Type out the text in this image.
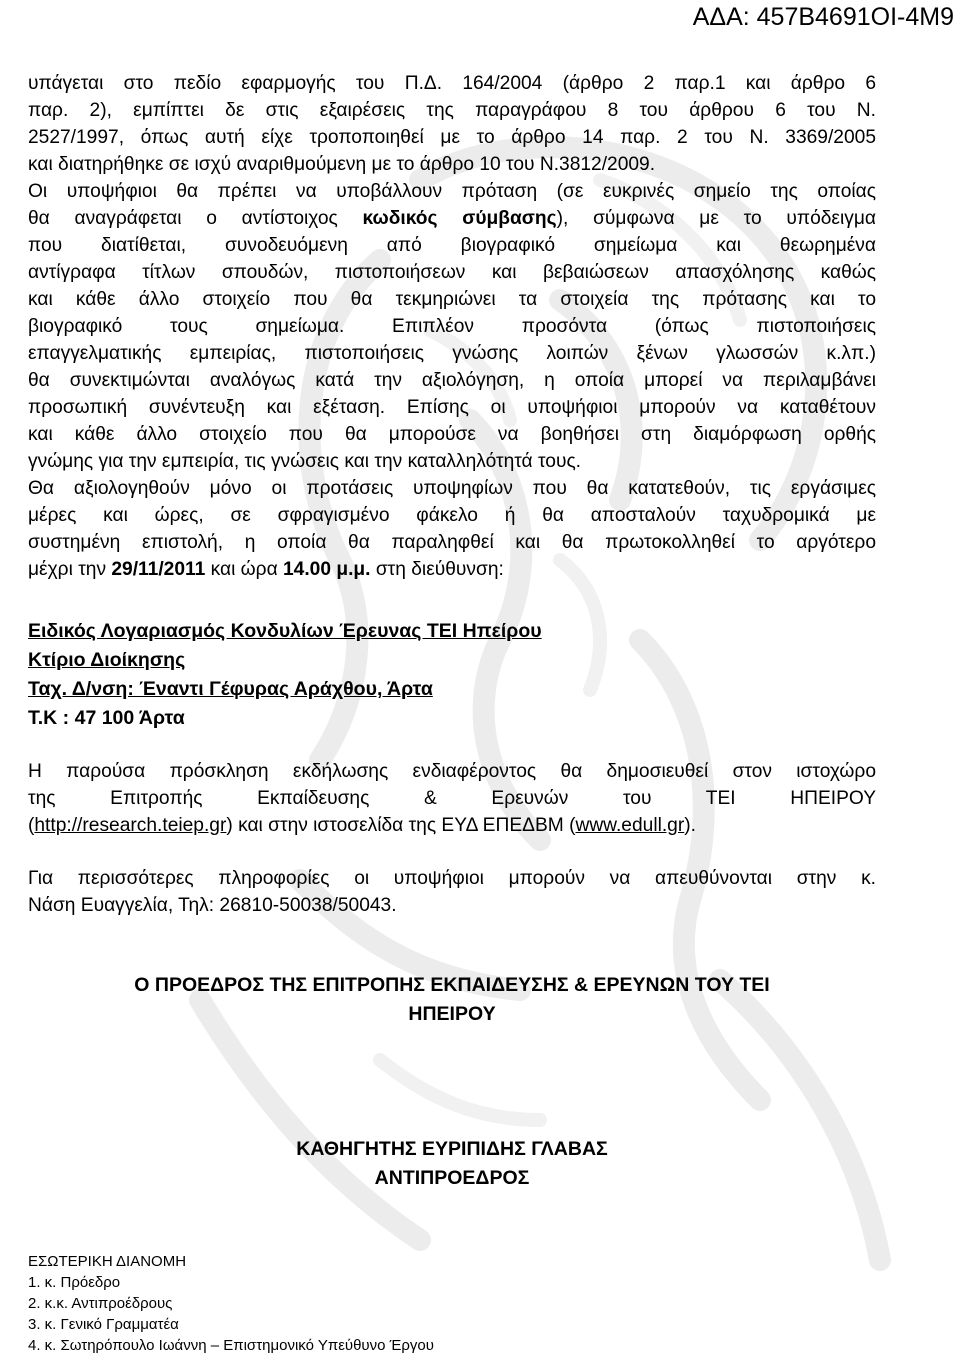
ΑΔΑ: 457Β4691ΟΙ-4Μ9

υπάγεται στο πεδίο εφαρμογής του Π.Δ. 164/2004 (άρθρο 2 παρ.1 και άρθρο 6

παρ. 2), εμπίπτει δε στις εξαιρέσεις της παραγράφου 8 του άρθρου 6 του Ν.

2527/1997, όπως αυτή είχε τροποποιηθεί με το άρθρο 14 παρ. 2 του Ν. 3369/2005

και διατηρήθηκε σε ισχύ αναριθμούμενη με το άρθρο 10 του Ν.3812/2009.

Οι υποψήφιοι θα πρέπει να υποβάλλουν πρόταση (σε ευκρινές σημείο της οποίας

θα αναγράφεται ο αντίστοιχος κωδικός σύμβασης), σύμφωνα με το υπόδειγμα

που διατίθεται, συνοδευόμενη από βιογραφικό σημείωμα και θεωρημένα

αντίγραφα τίτλων σπουδών, πιστοποιήσεων και βεβαιώσεων απασχόλησης καθώς

και κάθε άλλο στοιχείο που θα τεκμηριώνει τα στοιχεία της πρότασης και το

βιογραφικό τους σημείωμα. Επιπλέον προσόντα (όπως πιστοποιήσεις

επαγγελματικής εμπειρίας, πιστοποιήσεις γνώσης λοιπών ξένων γλωσσών κ.λπ.)

θα συνεκτιμώνται αναλόγως κατά την αξιολόγηση, η οποία μπορεί να περιλαμβάνει

προσωπική συνέντευξη και εξέταση. Επίσης οι υποψήφιοι μπορούν να καταθέτουν

και κάθε άλλο στοιχείο που θα μπορούσε να βοηθήσει στη διαμόρφωση ορθής

γνώμης για την εμπειρία, τις γνώσεις και την καταλληλότητά τους.

Θα αξιολογηθούν μόνο οι προτάσεις υποψηφίων που θα κατατεθούν, τις εργάσιμες

μέρες και ώρες, σε σφραγισμένο φάκελο ή θα αποσταλούν ταχυδρομικά με

συστημένη επιστολή, η οποία θα παραληφθεί και θα πρωτοκολληθεί το αργότερο

μέχρι την 29/11/2011 και ώρα 14.00 μ.μ. στη διεύθυνση:

Ειδικός Λογαριασμός Κονδυλίων Έρευνας ΤΕΙ Ηπείρου
Κτίριο Διοίκησης
Ταχ. Δ/νση: Έναντι Γέφυρας Αράχθου, Άρτα
Τ.Κ : 47 100 Άρτα

Η παρούσα πρόσκληση εκδήλωσης ενδιαφέροντος θα δημοσιευθεί στον ιστοχώρο

της Επιτροπής Εκπαίδευσης & Ερευνών του ΤΕΙ ΗΠΕΙΡΟΥ

(http://research.teiep.gr) και στην ιστοσελίδα της ΕΥΔ ΕΠΕΔΒΜ (www.edull.gr).

Για περισσότερες πληροφορίες οι υποψήφιοι μπορούν να απευθύνονται στην κ.

Νάση Ευαγγελία, Τηλ: 26810-50038/50043.

Ο ΠΡΟΕΔΡΟΣ ΤΗΣ ΕΠΙΤΡΟΠΗΣ ΕΚΠΑΙΔΕΥΣΗΣ & ΕΡΕΥΝΩΝ ΤΟΥ ΤΕΙ
ΗΠΕΙΡΟΥ
ΚΑΘΗΓΗΤΗΣ ΕΥΡΙΠΙΔΗΣ ΓΛΑΒΑΣ
ΑΝΤΙΠΡΟΕΔΡΟΣ
ΕΣΩΤΕΡΙΚΗ ΔΙΑΝΟΜΗ
1. κ. Πρόεδρο
2. κ.κ. Αντιπροέδρους
3. κ. Γενικό Γραμματέα
4. κ. Σωτηρόπουλο Ιωάννη – Επιστημονικό Υπεύθυνο Έργου
